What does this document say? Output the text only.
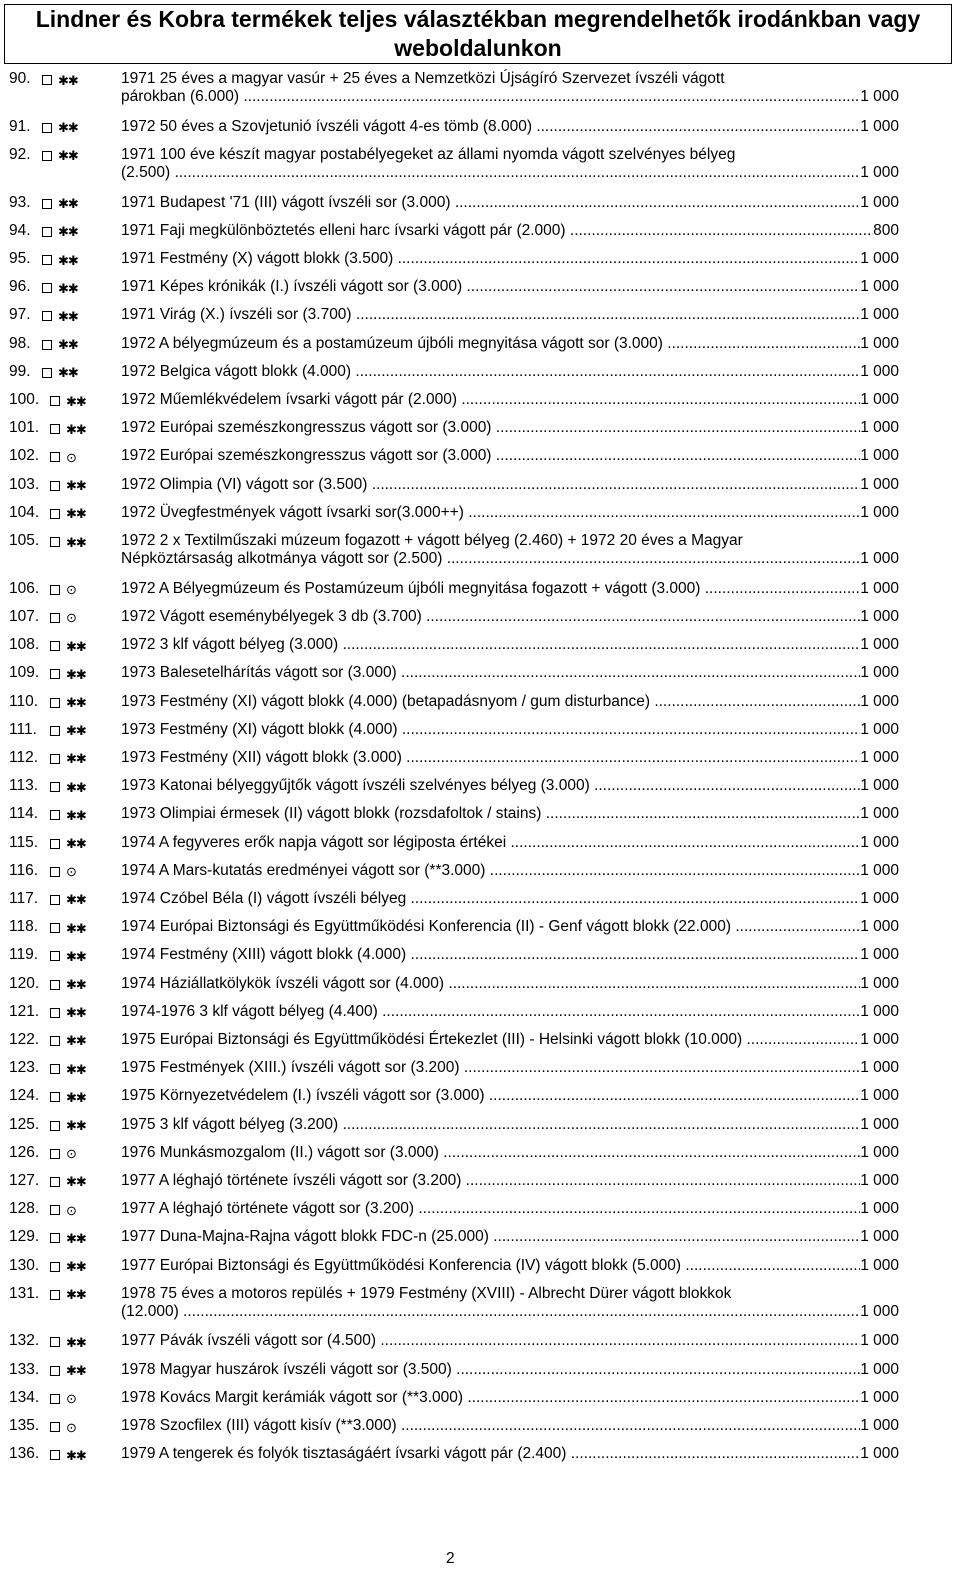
Lindner és Kobra termékek teljes választékban megrendelhetők irodánkban vagy weboldalunkon
90. ✱✱	1971 25 éves a magyar vasúr + 25 éves a Nemzetközi Újságíró Szervezet ívszéli vágott
párokban (6.000)
.....	1 000
91. ✱✱	1972 50 éves a Szovjetunió ívszéli vágott 4-es tömb (8.000)
.....	1 000
92. ✱✱	1971 100 éve készít magyar postabélyegeket az állami nyomda vágott szelvényes bélyeg
(2.500)
.....	1 000
93. ✱✱	1971 Budapest '71 (III) vágott ívszéli sor (3.000)
.....	1 000
94. ✱✱	1971 Faji megkülönböztetés elleni harc ívsarki vágott pár (2.000)
.....	800
95. ✱✱	1971 Festmény (X) vágott blokk (3.500)
.....	1 000
96. ✱✱	1971 Képes krónikák (I.) ívszéli vágott sor (3.000)
.....	1 000
97. ✱✱	1971 Virág (X.) ívszéli sor (3.700)
.....	1 000
98. ✱✱	1972 A bélyegmúzeum és a postamúzeum újbóli megnyitása vágott sor (3.000)
.....	1 000
99. ✱✱	1972 Belgica vágott blokk (4.000)
.....	1 000
100. ✱✱ 1972 Műemlékvédelem ívsarki vágott pár (2.000)
.....	1 000
101. ✱✱ 1972 Európai szemészkongresszus vágott sor (3.000)
.....	1 000
102. ⊙	1972 Európai szemészkongresszus vágott sor (3.000)
.....	1 000
103. ✱✱ 1972 Olimpia (VI) vágott sor (3.500)
.....	1 000
104. ✱✱ 1972 Üvegfestmények vágott ívsarki sor(3.000++)
.....	1 000
105. ✱✱ 1972 2 x Textilműszaki múzeum fogazott + vágott bélyeg (2.460) + 1972 20 éves a Magyar
Népköztársaság alkotmánya vágott sor (2.500)
.....	1 000
106. ⊙	1972 A Bélyegmúzeum és Postamúzeum újbóli megnyitása fogazott + vágott (3.000)
.....	1 000
107. ⊙	1972 Vágott eseménybélyegek 3 db (3.700)
.....	1 000
108. ✱✱ 1972 3 klf vágott bélyeg (3.000)
.....	1 000
109. ✱✱ 1973 Balesetelhárítás vágott sor (3.000)
.....	1 000
110. ✱✱ 1973 Festmény (XI) vágott blokk (4.000) (betapadásnyom / gum disturbance)
.....	1 000
111. ✱✱ 1973 Festmény (XI) vágott blokk (4.000)
.....	1 000
112. ✱✱ 1973 Festmény (XII) vágott blokk (3.000)
.....	1 000
113. ✱✱ 1973 Katonai bélyeggyűjtők vágott ívszéli szelvényes bélyeg (3.000)
.....	1 000
114. ✱✱ 1973 Olimpiai érmesek (II) vágott blokk (rozsdafoltok / stains)
.....	1 000
115. ✱✱ 1974 A fegyveres erők napja vágott sor légiposta értékei
.....	1 000
116. ⊙	1974 A Mars-kutatás eredményei vágott sor (**3.000)
.....	1 000
117. ✱✱ 1974 Czóbel Béla (I) vágott ívszéli bélyeg
.....	1 000
118. ✱✱ 1974 Európai Biztonsági és Együttműködési Konferencia (II) - Genf vágott blokk (22.000)
.....	1 000
119. ✱✱ 1974 Festmény (XIII) vágott blokk (4.000)
.....	1 000
120. ✱✱ 1974 Háziállatkölykök ívszéli vágott sor (4.000)
.....	1 000
121. ✱✱ 1974-1976 3 klf vágott bélyeg (4.400)
.....	1 000
122. ✱✱ 1975 Európai Biztonsági és Együttműködési Értekezlet (III) - Helsinki vágott blokk (10.000)
.....	1 000
123. ✱✱ 1975 Festmények (XIII.) ívszéli vágott sor (3.200)
.....	1 000
124. ✱✱ 1975 Környezetvédelem (I.) ívszéli vágott sor (3.000)
.....	1 000
125. ✱✱ 1975 3 klf vágott bélyeg (3.200)
.....	1 000
126. ⊙	1976 Munkásmozgalom (II.) vágott sor (3.000)
.....	1 000
127. ✱✱ 1977 A léghajó története ívszéli vágott sor (3.200)
.....	1 000
128. ⊙	1977 A léghajó története vágott sor (3.200)
.....	1 000
129. ✱✱ 1977 Duna-Majna-Rajna vágott blokk FDC-n (25.000)
.....	1 000
130. ✱✱ 1977 Európai Biztonsági és Együttműködési Konferencia (IV) vágott blokk (5.000)
.....	1 000
131. ✱✱ 1978 75 éves a motoros repülés + 1979 Festmény (XVIII) - Albrecht Dürer vágott blokkok
(12.000)
.....	1 000
132. ✱✱ 1977 Pávák ívszéli vágott sor (4.500)
.....	1 000
133. ✱✱ 1978 Magyar huszárok ívszéli vágott sor (3.500)
.....	1 000
134. ⊙	1978 Kovács Margit kerámiák vágott sor (**3.000)
.....	1 000
135. ⊙	1978 Szocfilex (III) vágott kisív (**3.000)
.....	1 000
136. ✱✱ 1979 A tengerek és folyók tisztaságáért ívsarki vágott pár (2.400)
.....	1 000
2
